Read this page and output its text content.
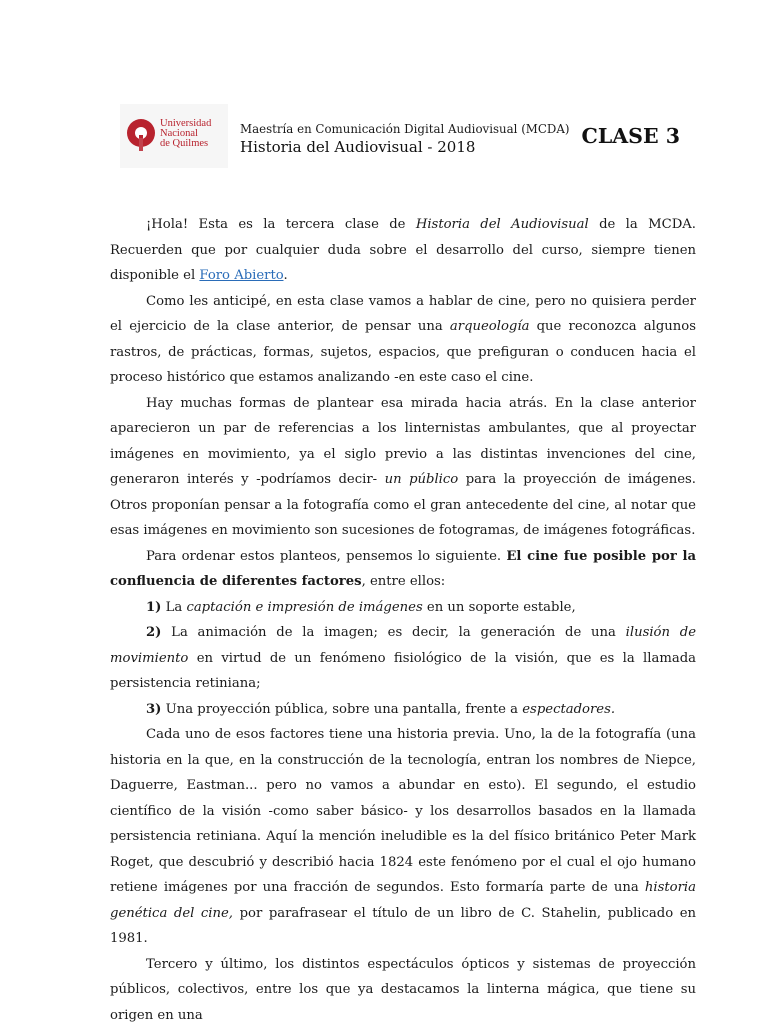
Universidad
Nacional
de Quilmes
Maestría en Comunicación Digital Audiovisual (MCDA)
Historia del Audiovisual - 2018	CLASE 3

¡Hola! Esta es la tercera clase de Historia del Audiovisual de la MCDA. Recuerden que por cualquier duda sobre el desarrollo del curso, siempre tienen disponible el Foro Abierto.

Como les anticipé, en esta clase vamos a hablar de cine, pero no quisiera perder el ejercicio de la clase anterior, de pensar una arqueología que reconozca algunos rastros, de prácticas, formas, sujetos, espacios, que prefiguran o conducen hacia el proceso histórico que estamos analizando -en este caso el cine.

Hay muchas formas de plantear esa mirada hacia atrás. En la clase anterior aparecieron un par de referencias a los linternistas ambulantes, que al proyectar imágenes en movimiento, ya el siglo previo a las distintas invenciones del cine, generaron interés y -podríamos decir- un público para la proyección de imágenes. Otros proponían pensar a la fotografía como el gran antecedente del cine, al notar que esas imágenes en movimiento son sucesiones de fotogramas, de imágenes fotográficas.

Para ordenar estos planteos, pensemos lo siguiente. El cine fue posible por la confluencia de diferentes factores, entre ellos:

1) La captación e impresión de imágenes en un soporte estable,

2) La animación de la imagen; es decir, la generación de una ilusión de movimiento en virtud de un fenómeno fisiológico de la visión, que es la llamada persistencia retiniana;

3) Una proyección pública, sobre una pantalla, frente a espectadores.

Cada uno de esos factores tiene una historia previa. Uno, la de la fotografía (una historia en la que, en la construcción de la tecnología, entran los nombres de Niepce, Daguerre, Eastman... pero no vamos a abundar en esto). El segundo, el estudio científico de la visión -como saber básico- y los desarrollos basados en la llamada persistencia retiniana. Aquí la mención ineludible es la del físico británico Peter Mark Roget, que descubrió y describió hacia 1824 este fenómeno por el cual el ojo humano retiene imágenes por una fracción de segundos. Esto formaría parte de una historia genética del cine, por parafrasear el título de un libro de C. Stahelin, publicado en 1981.

Tercero y último, los distintos espectáculos ópticos y sistemas de proyección públicos, colectivos, entre los que ya destacamos la linterna mágica, que tiene su origen en una
